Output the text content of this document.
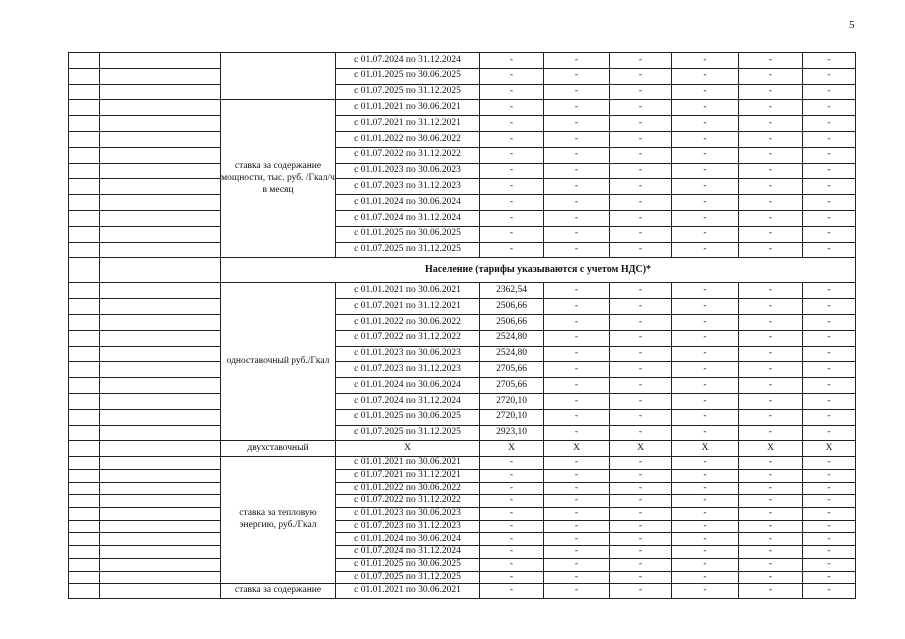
5
			с 01.07.2024 по 31.12.2024	-	-	-	-	-	-
			с 01.01.2025 по 30.06.2025	-	-	-	-	-	-
			с 01.07.2025 по 31.12.2025	-	-	-	-	-	-
		ставка за содержание мощности, тыс. руб. /Гкал/ч в месяц	с 01.01.2021 по 30.06.2021	-	-	-	-	-	-
			с 01.07.2021 по 31.12.2021	-	-	-	-	-	-
			с 01.01.2022 по 30.06.2022	-	-	-	-	-	-
			с 01.07.2022 по 31.12.2022	-	-	-	-	-	-
			с 01.01.2023 по 30.06.2023	-	-	-	-	-	-
			с 01.07.2023 по 31.12.2023	-	-	-	-	-	-
			с 01.01.2024 по 30.06.2024	-	-	-	-	-	-
			с 01.07.2024 по 31.12.2024	-	-	-	-	-	-
			с 01.01.2025 по 30.06.2025	-	-	-	-	-	-
			с 01.07.2025 по 31.12.2025	-	-	-	-	-	-
		Население (тарифы указываются с учетом НДС)*							
		одноставочный руб./Гкал	с 01.01.2021 по 30.06.2021	2362,54	-	-	-	-	-
			с 01.07.2021 по 31.12.2021	2506,66	-	-	-	-	-
			с 01.01.2022 по 30.06.2022	2506,66	-	-	-	-	-
			с 01.07.2022 по 31.12.2022	2524,80	-	-	-	-	-
			с 01.01.2023 по 30.06.2023	2524,80	-	-	-	-	-
			с 01.07.2023 по 31.12.2023	2705,66	-	-	-	-	-
			с 01.01.2024 по 30.06.2024	2705,66	-	-	-	-	-
			с 01.07.2024 по 31.12.2024	2720,10	-	-	-	-	-
			с 01.01.2025 по 30.06.2025	2720,10	-	-	-	-	-
			с 01.07.2025 по 31.12.2025	2923,10	-	-	-	-	-
		двухставочный	X	X	X	X	X	X	X
		ставка за тепловую энергию, руб./Гкал	с 01.01.2021 по 30.06.2021	-	-	-	-	-	-
			с 01.07.2021 по 31.12.2021	-	-	-	-	-	-
			с 01.01.2022 по 30.06.2022	-	-	-	-	-	-
			с 01.07.2022 по 31.12.2022	-	-	-	-	-	-
			с 01.01.2023 по 30.06.2023	-	-	-	-	-	-
			с 01.07.2023 по 31.12.2023	-	-	-	-	-	-
			с 01.01.2024 по 30.06.2024	-	-	-	-	-	-
			с 01.07.2024 по 31.12.2024	-	-	-	-	-	-
			с 01.01.2025 по 30.06.2025	-	-	-	-	-	-
			с 01.07.2025 по 31.12.2025	-	-	-	-	-	-
		ставка за содержание	с 01.01.2021 по 30.06.2021	-	-	-	-	-	-
